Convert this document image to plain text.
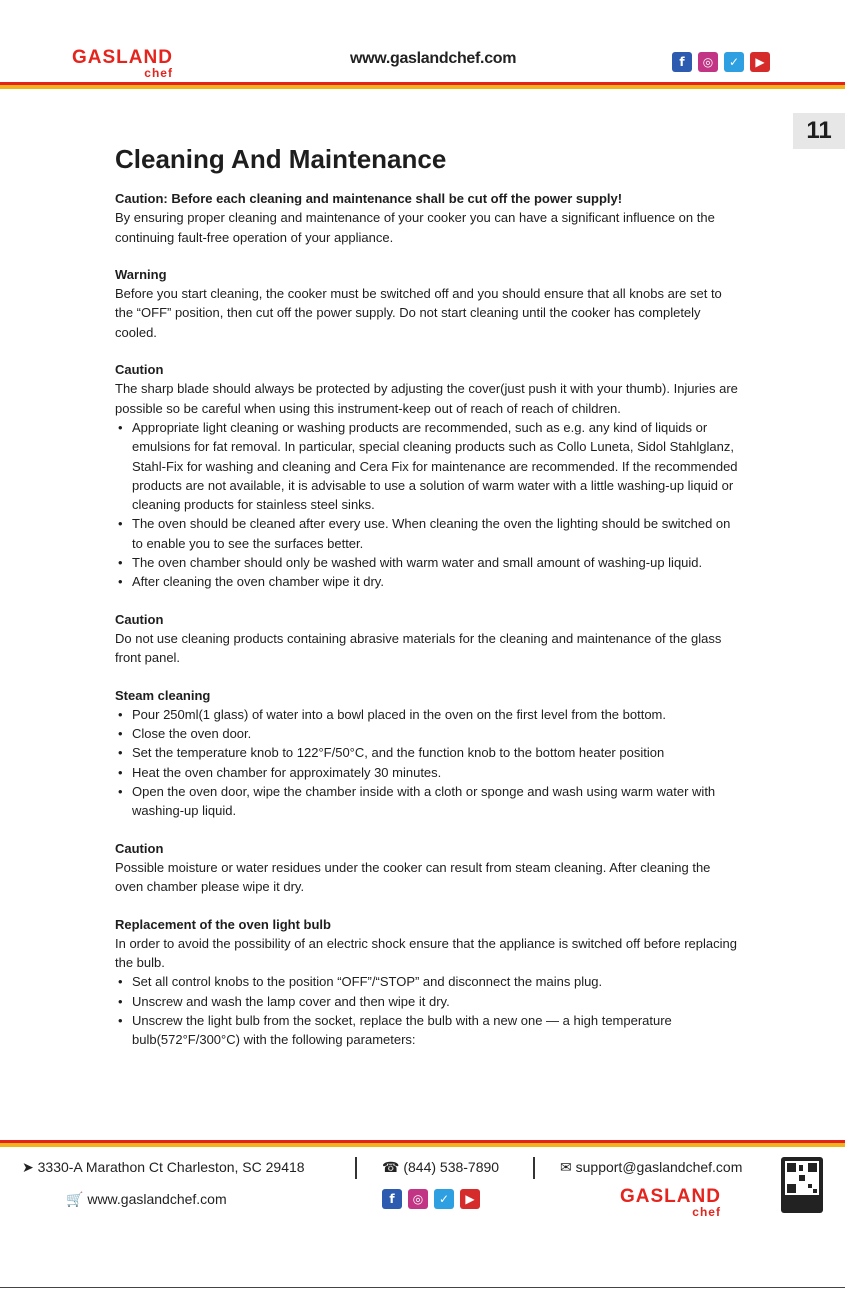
GASLAND
chef
www.gaslandchef.com	f	◎	✓	▶
11
Cleaning And Maintenance
Caution: Before each cleaning and maintenance shall be cut off the power supply!

By ensuring proper cleaning and maintenance of your cooker you can have a significant influence on the continuing fault-free operation of your appliance.

Warning

Before you start cleaning, the cooker must be switched off and you should ensure that all knobs are set to the “OFF” position, then cut off the power supply. Do not start cleaning until the cooker has completely cooled.

Caution

The sharp blade should always be protected by adjusting the cover(just push it with your thumb). Injuries are possible so be careful when using this instrument-keep out of reach of reach of children.

• Appropriate light cleaning or washing products are recommended, such as e.g. any kind of liquids or emulsions for fat removal. In particular, special cleaning products such as Collo Luneta, Sidol Stahlglanz, Stahl-Fix for washing and cleaning and Cera Fix for maintenance are recommended. If the recommended products are not available, it is advisable to use a solution of warm water with a little washing-up liquid or cleaning products for stainless steel sinks.
• The oven should be cleaned after every use. When cleaning the oven the lighting should be switched on to enable you to see the surfaces better.
• The oven chamber should only be washed with warm water and small amount of washing-up liquid.
• After cleaning the oven chamber wipe it dry.
Caution

Do not use cleaning products containing abrasive materials for the cleaning and maintenance of the glass front panel.

Steam cleaning
• Pour 250ml(1 glass) of water into a bowl placed in the oven on the first level from the bottom.
• Close the oven door.
• Set the temperature knob to 122°F/50°C, and the function knob to the bottom heater position
• Heat the oven chamber for approximately 30 minutes.
• Open the oven door, wipe the chamber inside with a cloth or sponge and wash using warm water with washing-up liquid.
Caution

Possible moisture or water residues under the cooker can result from steam cleaning. After cleaning the oven chamber please wipe it dry.

Replacement of the oven light bulb

In order to avoid the possibility of an electric shock ensure that the appliance is switched off before replacing the bulb.

• Set all control knobs to the position “OFF”/“STOP” and disconnect the mains plug.
• Unscrew and wash the lamp cover and then wipe it dry.
• Unscrew the light bulb from the socket, replace the bulb with a new one — a high temperature bulb(572°F/300°C) with the following parameters:
➤ 3330-A Marathon Ct Charleston, SC 29418	☎ (844) 538-7890	✉ support@gaslandchef.com
🛒 www.gaslandchef.com	f	◎	✓	▶	GASLAND
chef
